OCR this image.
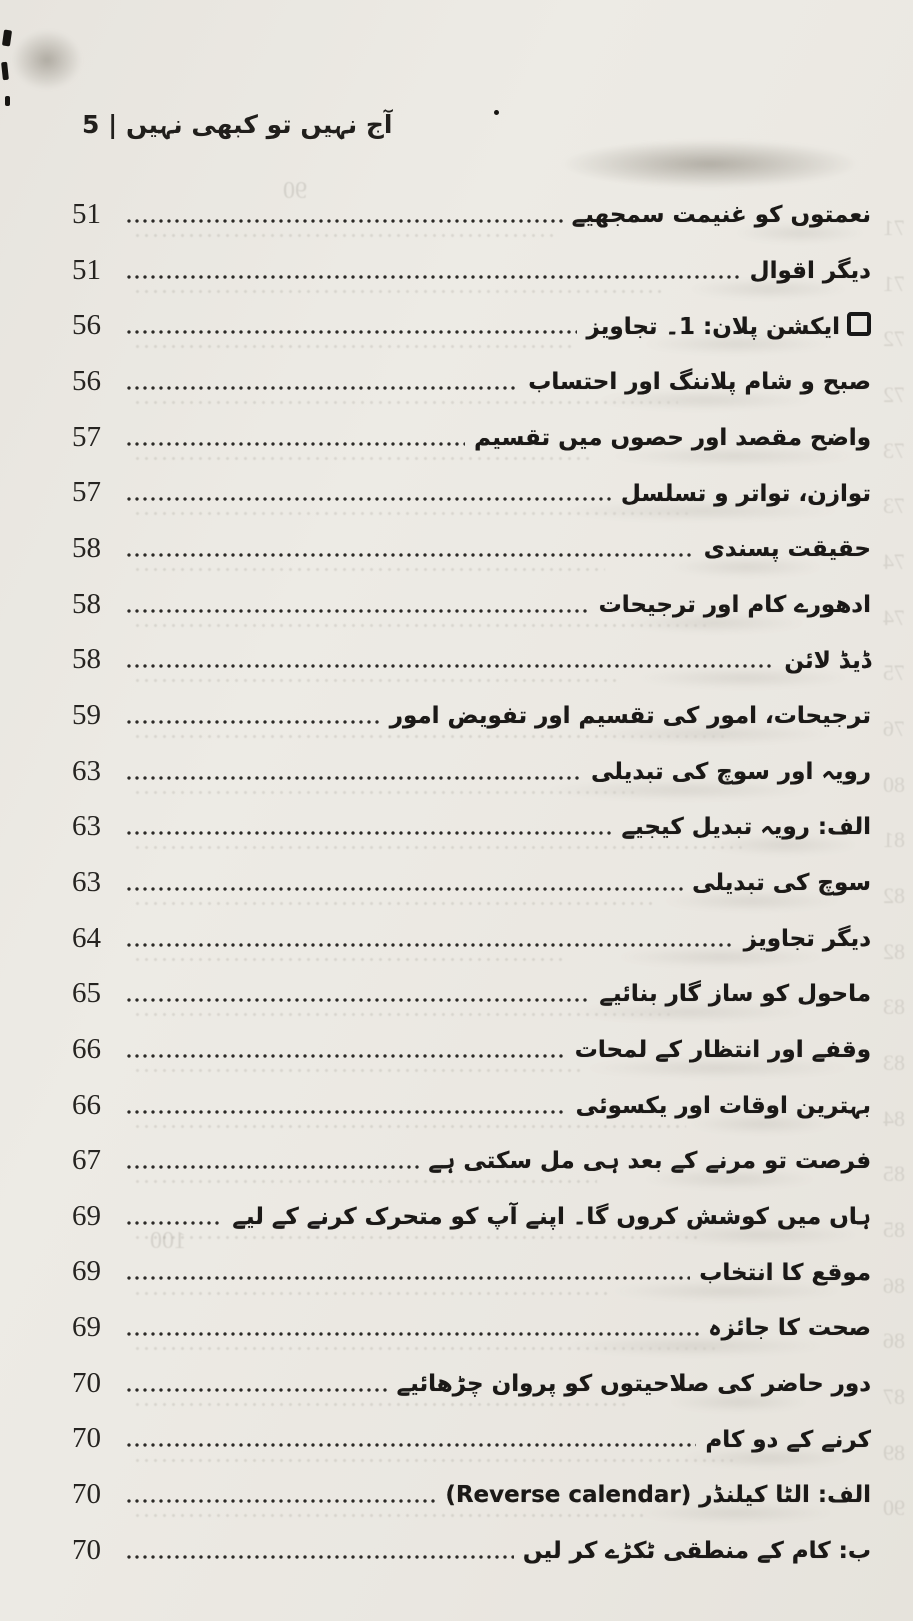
71
71
72
72
73
73
74
74
75
76
80
81
82
82
83
83
84
85
85
86
86
87
89
90
90
100
آج نہیں تو کبھی نہیں | 5
نعمتوں کو غنیمت سمجھیے
51
دیگر اقوال
51
ایکشن پلان: 1۔ تجاویز
56
صبح و شام پلاننگ اور احتساب
56
واضح مقصد اور حصوں میں تقسیم
57
توازن، تواتر و تسلسل
57
حقیقت پسندی
58
ادھورے کام اور ترجیحات
58
ڈیڈ لائن
58
ترجیحات، امور کی تقسیم اور تفویض امور
59
رویہ اور سوچ کی تبدیلی
63
الف: رویہ تبدیل کیجیے
63
سوچ کی تبدیلی
63
دیگر تجاویز
64
ماحول کو ساز گار بنائیے
65
وقفے اور انتظار کے لمحات
66
بہترین اوقات اور یکسوئی
66
فرصت تو مرنے کے بعد ہی مل سکتی ہے
67
ہاں میں کوشش کروں گا۔ اپنے آپ کو متحرک کرنے کے لیے
69
موقع کا انتخاب
69
صحت کا جائزہ
69
دور حاضر کی صلاحیتوں کو پروان چڑھائیے
70
کرنے کے دو کام
70
الف: الٹا کیلنڈر (Reverse calendar)
70
ب: کام کے منطقی ٹکڑے کر لیں
70
